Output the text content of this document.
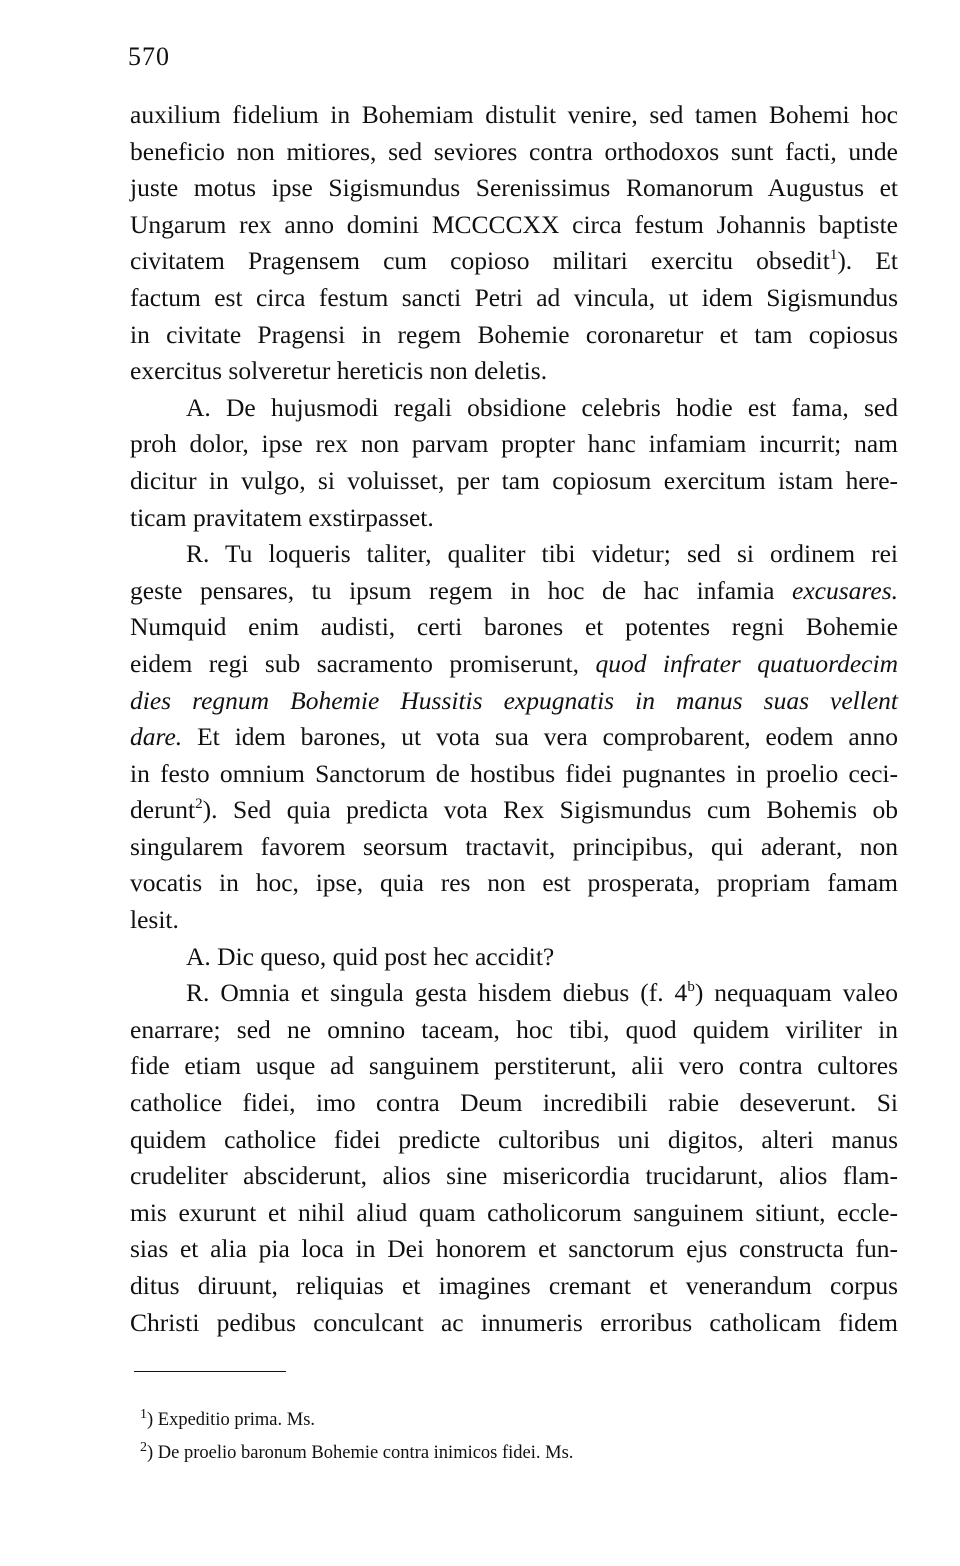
570
auxilium fidelium in Bohemiam distulit venire, sed tamen Bohemi hoc
beneficio non mitiores, sed seviores contra orthodoxos sunt facti, unde
juste motus ipse Sigismundus Serenissimus Romanorum Augustus et
Ungarum rex anno domini MCCCCXX circa festum Johannis baptiste
civitatem Pragensem cum copioso militari exercitu obsedit$^1$). Et
factum est circa festum sancti Petri ad vincula, ut idem Sigismundus
in civitate Pragensi in regem Bohemie coronaretur et tam copiosus
exercitus solveretur hereticis non deletis.
A. De hujusmodi regali obsidione celebris hodie est fama, sed
proh dolor, ipse rex non parvam propter hanc infamiam incurrit; nam
dicitur in vulgo, si voluisset, per tam copiosum exercitum istam here-
ticam pravitatem exstirpasset.
R. Tu loqueris taliter, qualiter tibi videtur; sed si ordinem rei
geste pensares, tu ipsum regem in hoc de hac infamia excusares.
Numquid enim audisti, certi barones et potentes regni Bohemie
eidem regi sub sacramento promiserunt, quod infrater quatuordecim
dies regnum Bohemie Hussitis expugnatis in manus suas vellent
dare. Et idem barones, ut vota sua vera comprobarent, eodem anno
in festo omnium Sanctorum de hostibus fidei pugnantes in proelio ceci-
derunt$^2$). Sed quia predicta vota Rex Sigismundus cum Bohemis ob
singularem favorem seorsum tractavit, principibus, qui aderant, non
vocatis in hoc, ipse, quia res non est prosperata, propriam famam
lesit.
A. Dic queso, quid post hec accidit?
R. Omnia et singula gesta hisdem diebus (f. 4$^b$) nequaquam valeo
enarrare; sed ne omnino taceam, hoc tibi, quod quidem viriliter in
fide etiam usque ad sanguinem perstiterunt, alii vero contra cultores
catholice fidei, imo contra Deum incredibili rabie deseverunt. Si
quidem catholice fidei predicte cultoribus uni digitos, alteri manus
crudeliter absciderunt, alios sine misericordia trucidarunt, alios flam-
mis exurunt et nihil aliud quam catholicorum sanguinem sitiunt, eccle-
sias et alia pia loca in Dei honorem et sanctorum ejus constructa fun-
ditus diruunt, reliquias et imagines cremant et venerandum corpus
Christi pedibus conculcant ac innumeris erroribus catholicam fidem
$^1$) Expeditio prima. Ms.
$^2$) De proelio baronum Bohemie contra inimicos fidei. Ms.
